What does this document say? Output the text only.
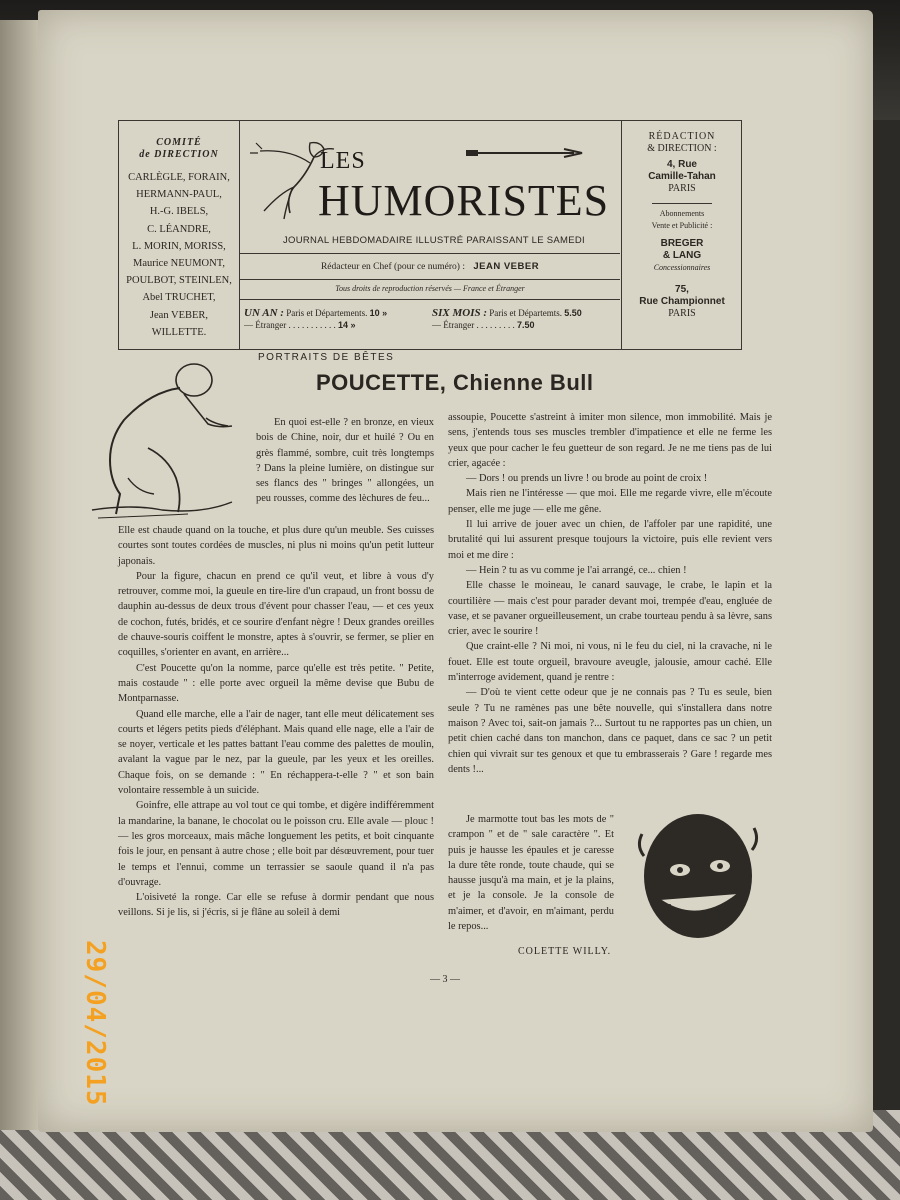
COMITÉ
de DIRECTION
CARLÈGLE, FORAIN,
HERMANN-PAUL,
H.-G. IBELS,
C. LÉANDRE,
L. MORIN, MORISS,
Maurice NEUMONT,
POULBOT, STEINLEN,
Abel TRUCHET,
Jean VEBER,
WILLETTE.
LES
HUMORISTES
JOURNAL HEBDOMADAIRE ILLUSTRÉ PARAISSANT LE SAMEDI
Rédacteur en Chef (pour ce numéro) : JEAN VEBER
Tous droits de reproduction réservés — France et Étranger
UN AN : Paris et Départements. 10 »
— Étranger . . . . . . . . . . . 14 »
SIX MOIS : Paris et Départemts. 5.50
— Étranger . . . . . . . . . 7.50
RÉDACTION
& DIRECTION :
4, Rue
Camille-Tahan
PARIS
Abonnements
Vente et Publicité :
BREGER
& LANG
Concessionnaires
75,
Rue Championnet
PARIS
PORTRAITS DE BÊTES
POUCETTE, Chienne Bull

En quoi est-elle ? en bronze, en vieux bois de Chine, noir, dur et huilé ? Ou en grès flammé, sombre, cuit très longtemps ? Dans la pleine lumière, on distingue sur ses flancs des " bringes " allongées, un peu rousses, comme des lèchures de feu...

Elle est chaude quand on la touche, et plus dure qu'un meuble. Ses cuisses courtes sont toutes cordées de muscles, ni plus ni moins qu'un petit lutteur japonais.

Pour la figure, chacun en prend ce qu'il veut, et libre à vous d'y retrouver, comme moi, la gueule en tire-lire d'un crapaud, un front bossu de dauphin au-dessus de deux trous d'évent pour chasser l'eau, — et ces yeux de cochon, futés, bridés, et ce sourire d'enfant nègre ! Deux grandes oreilles de chauve-souris coiffent le monstre, aptes à s'ouvrir, se fermer, se plier en coquilles, s'orienter en avant, en arrière...

C'est Poucette qu'on la nomme, parce qu'elle est très petite. " Petite, mais costaude " : elle porte avec orgueil la même devise que Bubu de Montparnasse.

Quand elle marche, elle a l'air de nager, tant elle meut délicatement ses courts et légers petits pieds d'éléphant. Mais quand elle nage, elle a l'air de se noyer, verticale et les pattes battant l'eau comme des palettes de moulin, avalant la vague par le nez, par la gueule, par les yeux et les oreilles. Chaque fois, on se demande : " En réchappera-t-elle ? " et son bain volontaire ressemble à un suicide.

Goinfre, elle attrape au vol tout ce qui tombe, et digère indifféremment la mandarine, la banane, le chocolat ou le poisson cru. Elle avale — plouc ! — les gros morceaux, mais mâche longuement les petits, et boit cinquante fois le jour, en pensant à autre chose ; elle boit par désœuvrement, pour tuer le temps et l'ennui, comme un terrassier se saoule quand il n'a pas d'ouvrage.

L'oisiveté la ronge. Car elle se refuse à dormir pendant que nous veillons. Si je lis, si j'écris, si je flâne au soleil à demi

assoupie, Poucette s'astreint à imiter mon silence, mon immobilité. Mais je sens, j'entends tous ses muscles trembler d'impatience et elle ne ferme les yeux que pour cacher le feu guetteur de son regard. Je ne me tiens pas de lui crier, agacée :

— Dors ! ou prends un livre ! ou brode au point de croix !

Mais rien ne l'intéresse — que moi. Elle me regarde vivre, elle m'écoute penser, elle me juge — elle me gêne.

Il lui arrive de jouer avec un chien, de l'affoler par une rapidité, une brutalité qui lui assurent presque toujours la victoire, puis elle revient vers moi et me dire :

— Hein ? tu as vu comme je l'ai arrangé, ce... chien !

Elle chasse le moineau, le canard sauvage, le crabe, le lapin et la courtilière — mais c'est pour parader devant moi, trempée d'eau, engluée de vase, et se pavaner orgueilleusement, un crabe tourteau pendu à sa lèvre, sans crier, avec le sourire !

Que craint-elle ? Ni moi, ni vous, ni le feu du ciel, ni la cravache, ni le fouet. Elle est toute orgueil, bravoure aveugle, jalousie, amour caché. Elle m'interroge avidement, quand je rentre :

— D'où te vient cette odeur que je ne connais pas ? Tu es seule, bien seule ? Tu ne ramènes pas une bête nouvelle, qui s'installera dans notre maison ? Avec toi, sait-on jamais ?... Surtout tu ne rapportes pas un chien, un petit chien caché dans ton manchon, dans ce paquet, dans ce sac ? un petit chien qui vivrait sur tes genoux et que tu embrasserais ? Gare ! regarde mes dents !...

Je marmotte tout bas les mots de " crampon " et de " sale caractère ". Et puis je hausse les épaules et je caresse la dure tête ronde, toute chaude, qui se hausse jusqu'à ma main, et je la plains, et je la console. Je la console de m'aimer, et d'avoir, en m'aimant, perdu le repos...

COLETTE WILLY.
— 3 —
29/04/2015
